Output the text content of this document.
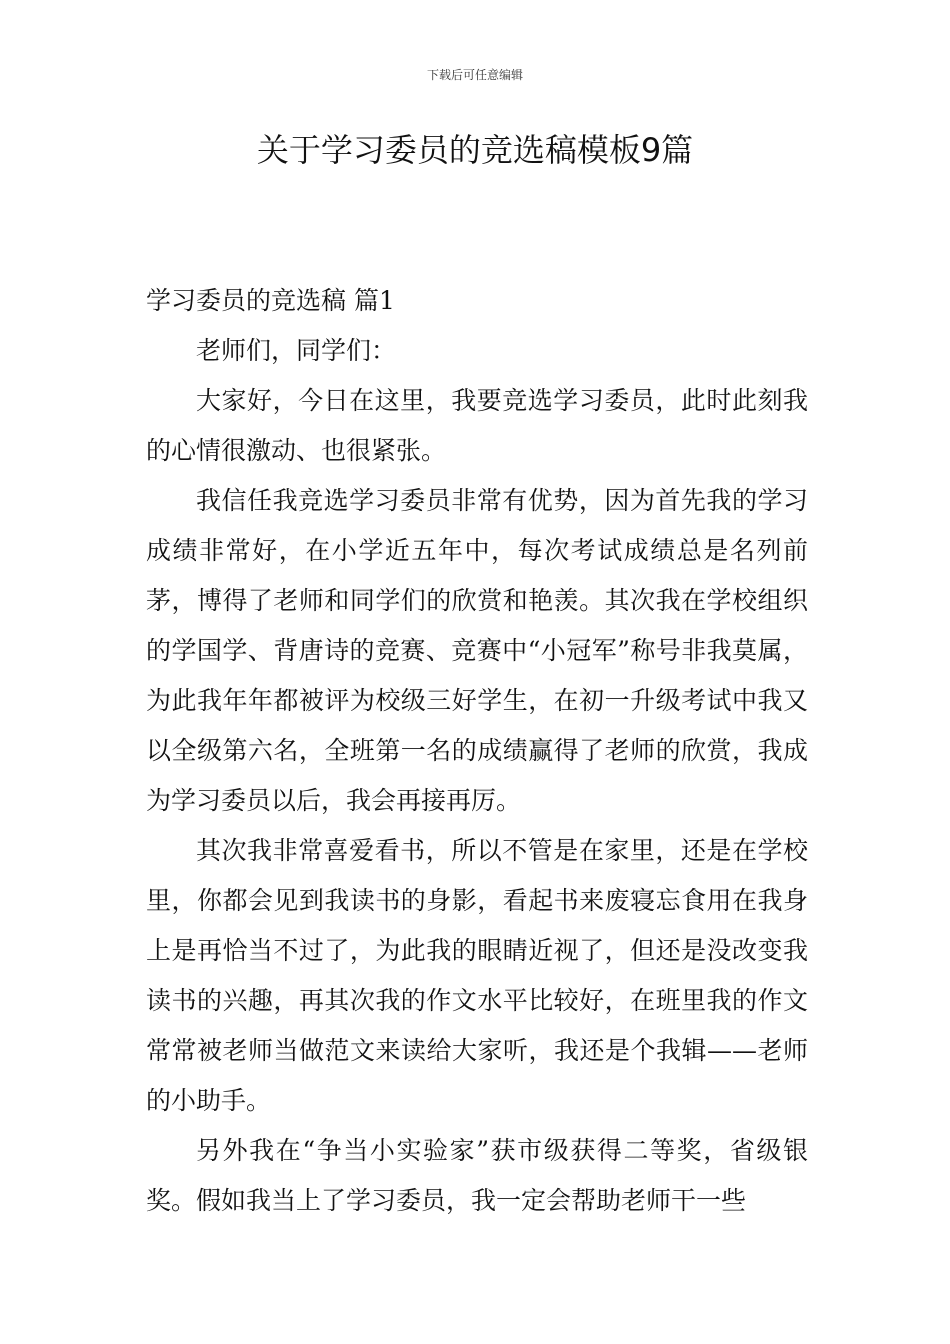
下载后可任意编辑
关于学习委员的竞选稿模板9篇
学习委员的竞选稿 篇1

老师们，同学们：

大家好，今日在这里，我要竞选学习委员，此时此刻我的心情很激动、也很紧张。

我信任我竞选学习委员非常有优势，因为首先我的学习成绩非常好，在小学近五年中，每次考试成绩总是名列前茅，博得了老师和同学们的欣赏和艳羡。其次我在学校组织的学国学、背唐诗的竞赛、竞赛中“小冠军”称号非我莫属，为此我年年都被评为校级三好学生，在初一升级考试中我又以全级第六名，全班第一名的成绩赢得了老师的欣赏，我成为学习委员以后，我会再接再厉。

其次我非常喜爱看书，所以不管是在家里，还是在学校里，你都会见到我读书的身影，看起书来废寝忘食用在我身上是再恰当不过了，为此我的眼睛近视了，但还是没改变我读书的兴趣，再其次我的作文水平比较好，在班里我的作文常常被老师当做范文来读给大家听，我还是个我辑——老师的小助手。

另外我在“争当小实验家”获市级获得二等奖，省级银奖。假如我当上了学习委员，我一定会帮助老师干一些
